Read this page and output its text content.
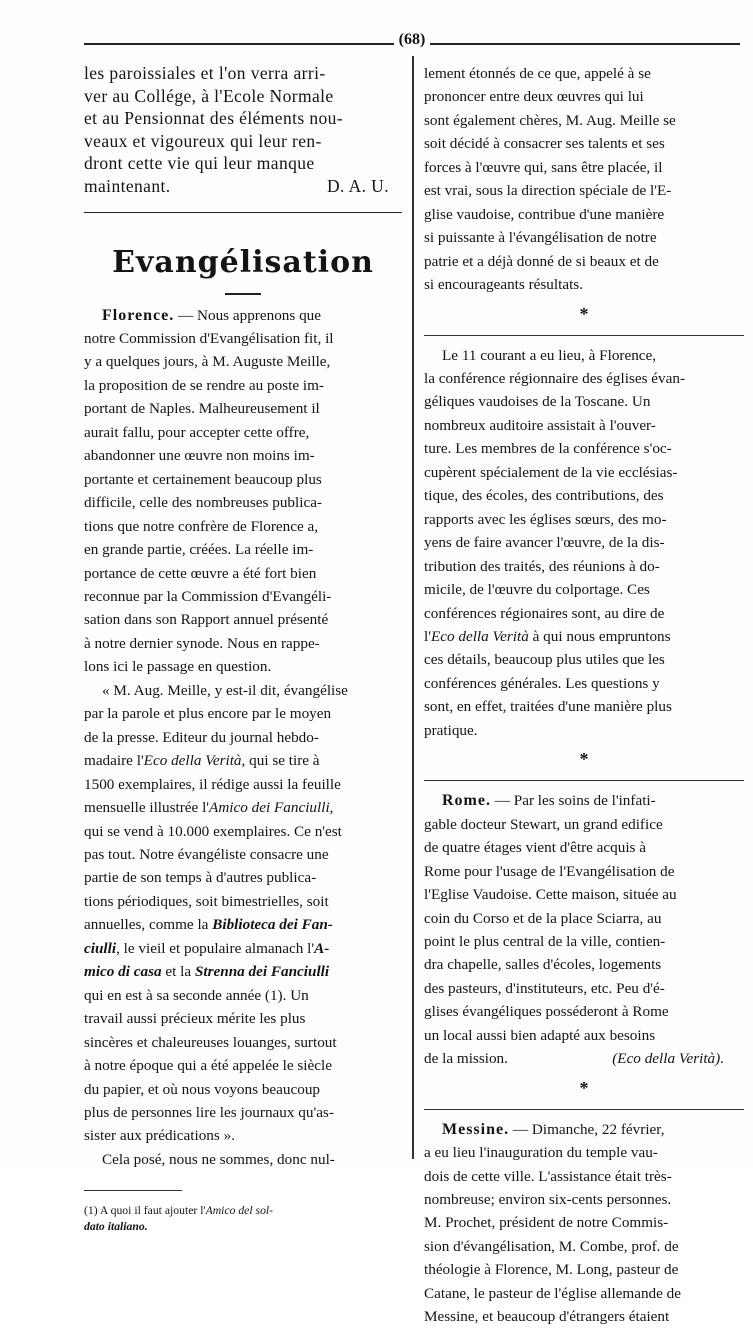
(68)
les paroissiales et l'on verra arri-
ver au Collége, à l'Ecole Normale
et au Pensionnat des éléments nou-
veaux et vigoureux qui leur ren-
dront cette vie qui leur manque
maintenant.	D. A. U.
Evangélisation
Florence. — Nous apprenons que
notre Commission d'Evangélisation fit, il
y a quelques jours, à M. Auguste Meille,
la proposition de se rendre au poste im-
portant de Naples. Malheureusement il
aurait fallu, pour accepter cette offre,
abandonner une œuvre non moins im-
portante et certainement beaucoup plus
difficile, celle des nombreuses publica-
tions que notre confrère de Florence a,
en grande partie, créées. La réelle im-
portance de cette œuvre a été fort bien
reconnue par la Commission d'Evangéli-
sation dans son Rapport annuel présenté
à notre dernier synode. Nous en rappe-
lons ici le passage en question.
« M. Aug. Meille, y est-il dit, évangélise
par la parole et plus encore par le moyen
de la presse. Editeur du journal hebdo-
madaire l'Eco della Verità, qui se tire à
1500 exemplaires, il rédige aussi la feuille
mensuelle illustrée l'Amico dei Fanciulli,
qui se vend à 10.000 exemplaires. Ce n'est
pas tout. Notre évangéliste consacre une
partie de son temps à d'autres publica-
tions périodiques, soit bimestrielles, soit
annuelles, comme la Biblioteca dei Fan-
ciulli, le vieil et populaire almanach l'A-
mico di casa et la Strenna dei Fanciulli
qui en est à sa seconde année (1). Un
travail aussi précieux mérite les plus
sincères et chaleureuses louanges, surtout
à notre époque qui a été appelée le siècle
du papier, et où nous voyons beaucoup
plus de personnes lire les journaux qu'as-
sister aux prédications ».
Cela posé, nous ne sommes, donc nul-
(1) A quoi il faut ajouter l'Amico del sol-
dato italiano.
lement étonnés de ce que, appelé à se
prononcer entre deux œuvres qui lui
sont également chères, M. Aug. Meille se
soit décidé à consacrer ses talents et ses
forces à l'œuvre qui, sans être placée, il
est vrai, sous la direction spéciale de l'E-
glise vaudoise, contribue d'une manière
si puissante à l'évangélisation de notre
patrie et a déjà donné de si beaux et de
si encourageants résultats.
*
Le 11 courant a eu lieu, à Florence,
la conférence régionnaire des églises évan-
géliques vaudoises de la Toscane. Un
nombreux auditoire assistait à l'ouver-
ture. Les membres de la conférence s'oc-
cupèrent spécialement de la vie ecclésias-
tique, des écoles, des contributions, des
rapports avec les églises sœurs, des mo-
yens de faire avancer l'œuvre, de la dis-
tribution des traités, des réunions à do-
micile, de l'œuvre du colportage. Ces
conférences régionaires sont, au dire de
l'Eco della Verità à qui nous empruntons
ces détails, beaucoup plus utiles que les
conférences générales. Les questions y
sont, en effet, traitées d'une manière plus
pratique.
*
Rome. — Par les soins de l'infati-
gable docteur Stewart, un grand edifice
de quatre étages vient d'être acquis à
Rome pour l'usage de l'Evangélisation de
l'Eglise Vaudoise. Cette maison, située au
coin du Corso et de la place Sciarra, au
point le plus central de la ville, contien-
dra chapelle, salles d'écoles, logements
des pasteurs, d'instituteurs, etc. Peu d'é-
glises évangéliques posséderont à Rome
un local aussi bien adapté aux besoins
de la mission.	(Eco della Verità).
*
Messine. — Dimanche, 22 février,
a eu lieu l'inauguration du temple vau-
dois de cette ville. L'assistance était très-
nombreuse; environ six-cents personnes.
M. Prochet, président de notre Commis-
sion d'évangélisation, M. Combe, prof. de
théologie à Florence, M. Long, pasteur de
Catane, le pasteur de l'église allemande de
Messine, et beaucoup d'étrangers étaient
